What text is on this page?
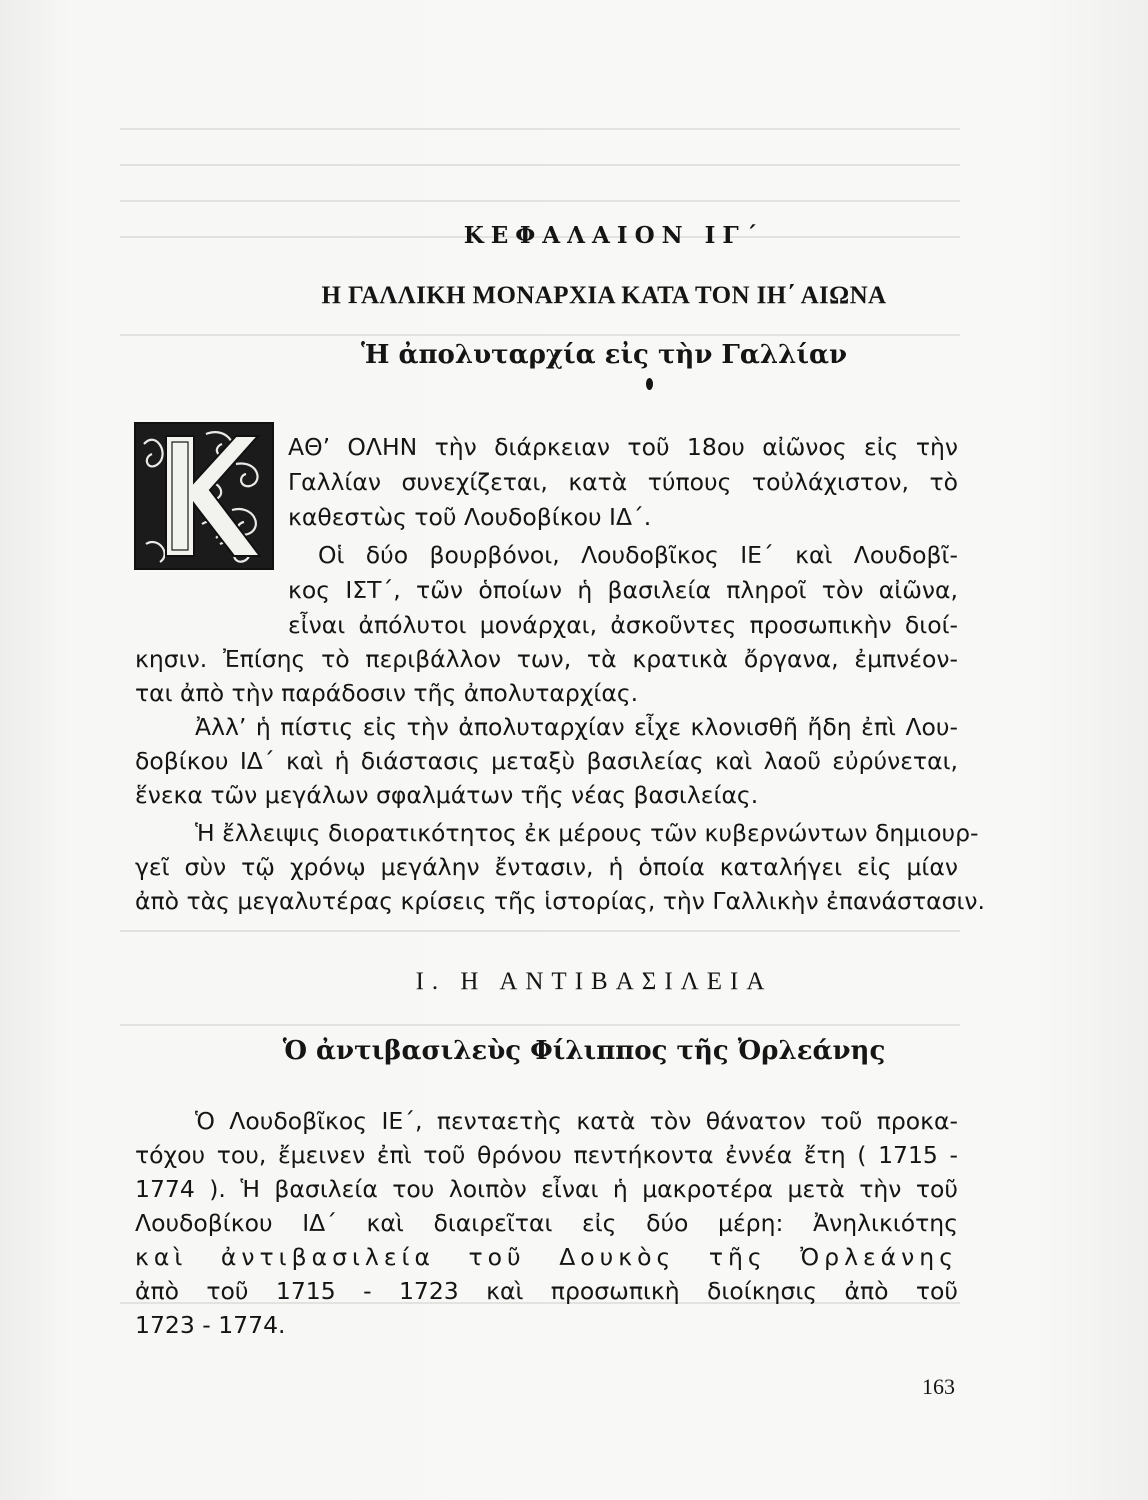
ΚΕΦΑΛΑΙΟΝ ΙΓ΄
Η ΓΑΛΛΙΚΗ ΜΟΝΑΡΧΙΑ ΚΑΤΑ ΤΟΝ ΙΗ΄ ΑΙΩΝΑ
Ἡ ἀπολυταρχία εἰς τὴν Γαλλίαν
ΑΘ’ ΟΛΗΝ τὴν διάρκειαν τοῦ 18ου αἰῶνος εἰς τὴν
Γαλλίαν συνεχίζεται, κατὰ τύπους τοὐλάχιστον, τὸ
καθεστὼς τοῦ Λουδοβίκου ΙΔ΄.
Οἱ δύο βουρβόνοι, Λουδοβῖκος ΙΕ΄ καὶ Λουδοβῖ-
κος ΙΣΤ΄, τῶν ὁποίων ἡ βασιλεία πληροῖ τὸν αἰῶνα,
εἶναι ἀπόλυτοι μονάρχαι, ἀσκοῦντες προσωπικὴν διοί-
κησιν. Ἐπίσης τὸ περιβάλλον των, τὰ κρατικὰ ὄργανα, ἐμπνέον-
ται ἀπὸ τὴν παράδοσιν τῆς ἀπολυταρχίας.
Ἀλλ’ ἡ πίστις εἰς τὴν ἀπολυταρχίαν εἶχε κλονισθῆ ἤδη ἐπὶ Λου-
δοβίκου ΙΔ΄ καὶ ἡ διάστασις μεταξὺ βασιλείας καὶ λαοῦ εὐρύνεται,
ἕνεκα τῶν μεγάλων σφαλμάτων τῆς νέας βασιλείας.
Ἡ ἔλλειψις διορατικότητος ἐκ μέρους τῶν κυβερνώντων δημιουρ-
γεῖ σὺν τῷ χρόνῳ μεγάλην ἔντασιν, ἡ ὁποία καταλήγει εἰς μίαν
ἀπὸ τὰς μεγαλυτέρας κρίσεις τῆς ἱστορίας, τὴν Γαλλικὴν ἐπανάστασιν.
Ι. Η ΑΝΤΙΒΑΣΙΛΕΙΑ
Ὁ ἀντιβασιλεὺς Φίλιππος τῆς Ὀρλεάνης
Ὁ Λουδοβῖκος ΙΕ΄, πενταετὴς κατὰ τὸν θάνατον τοῦ προκα-
τόχου του, ἔμεινεν ἐπὶ τοῦ θρόνου πεντήκοντα ἐννέα ἔτη ( 1715 -
1774 ). Ἡ βασιλεία του λοιπὸν εἶναι ἡ μακροτέρα μετὰ τὴν τοῦ
Λουδοβίκου ΙΔ΄ καὶ διαιρεῖται εἰς δύο μέρη: Ἀνηλικιότης
καὶ ἀντιβασιλεία τοῦ Δουκὸς τῆς Ὀρλεάνης
ἀπὸ τοῦ 1715 - 1723 καὶ προσωπικὴ διοίκησις ἀπὸ τοῦ
1723 - 1774.
163
